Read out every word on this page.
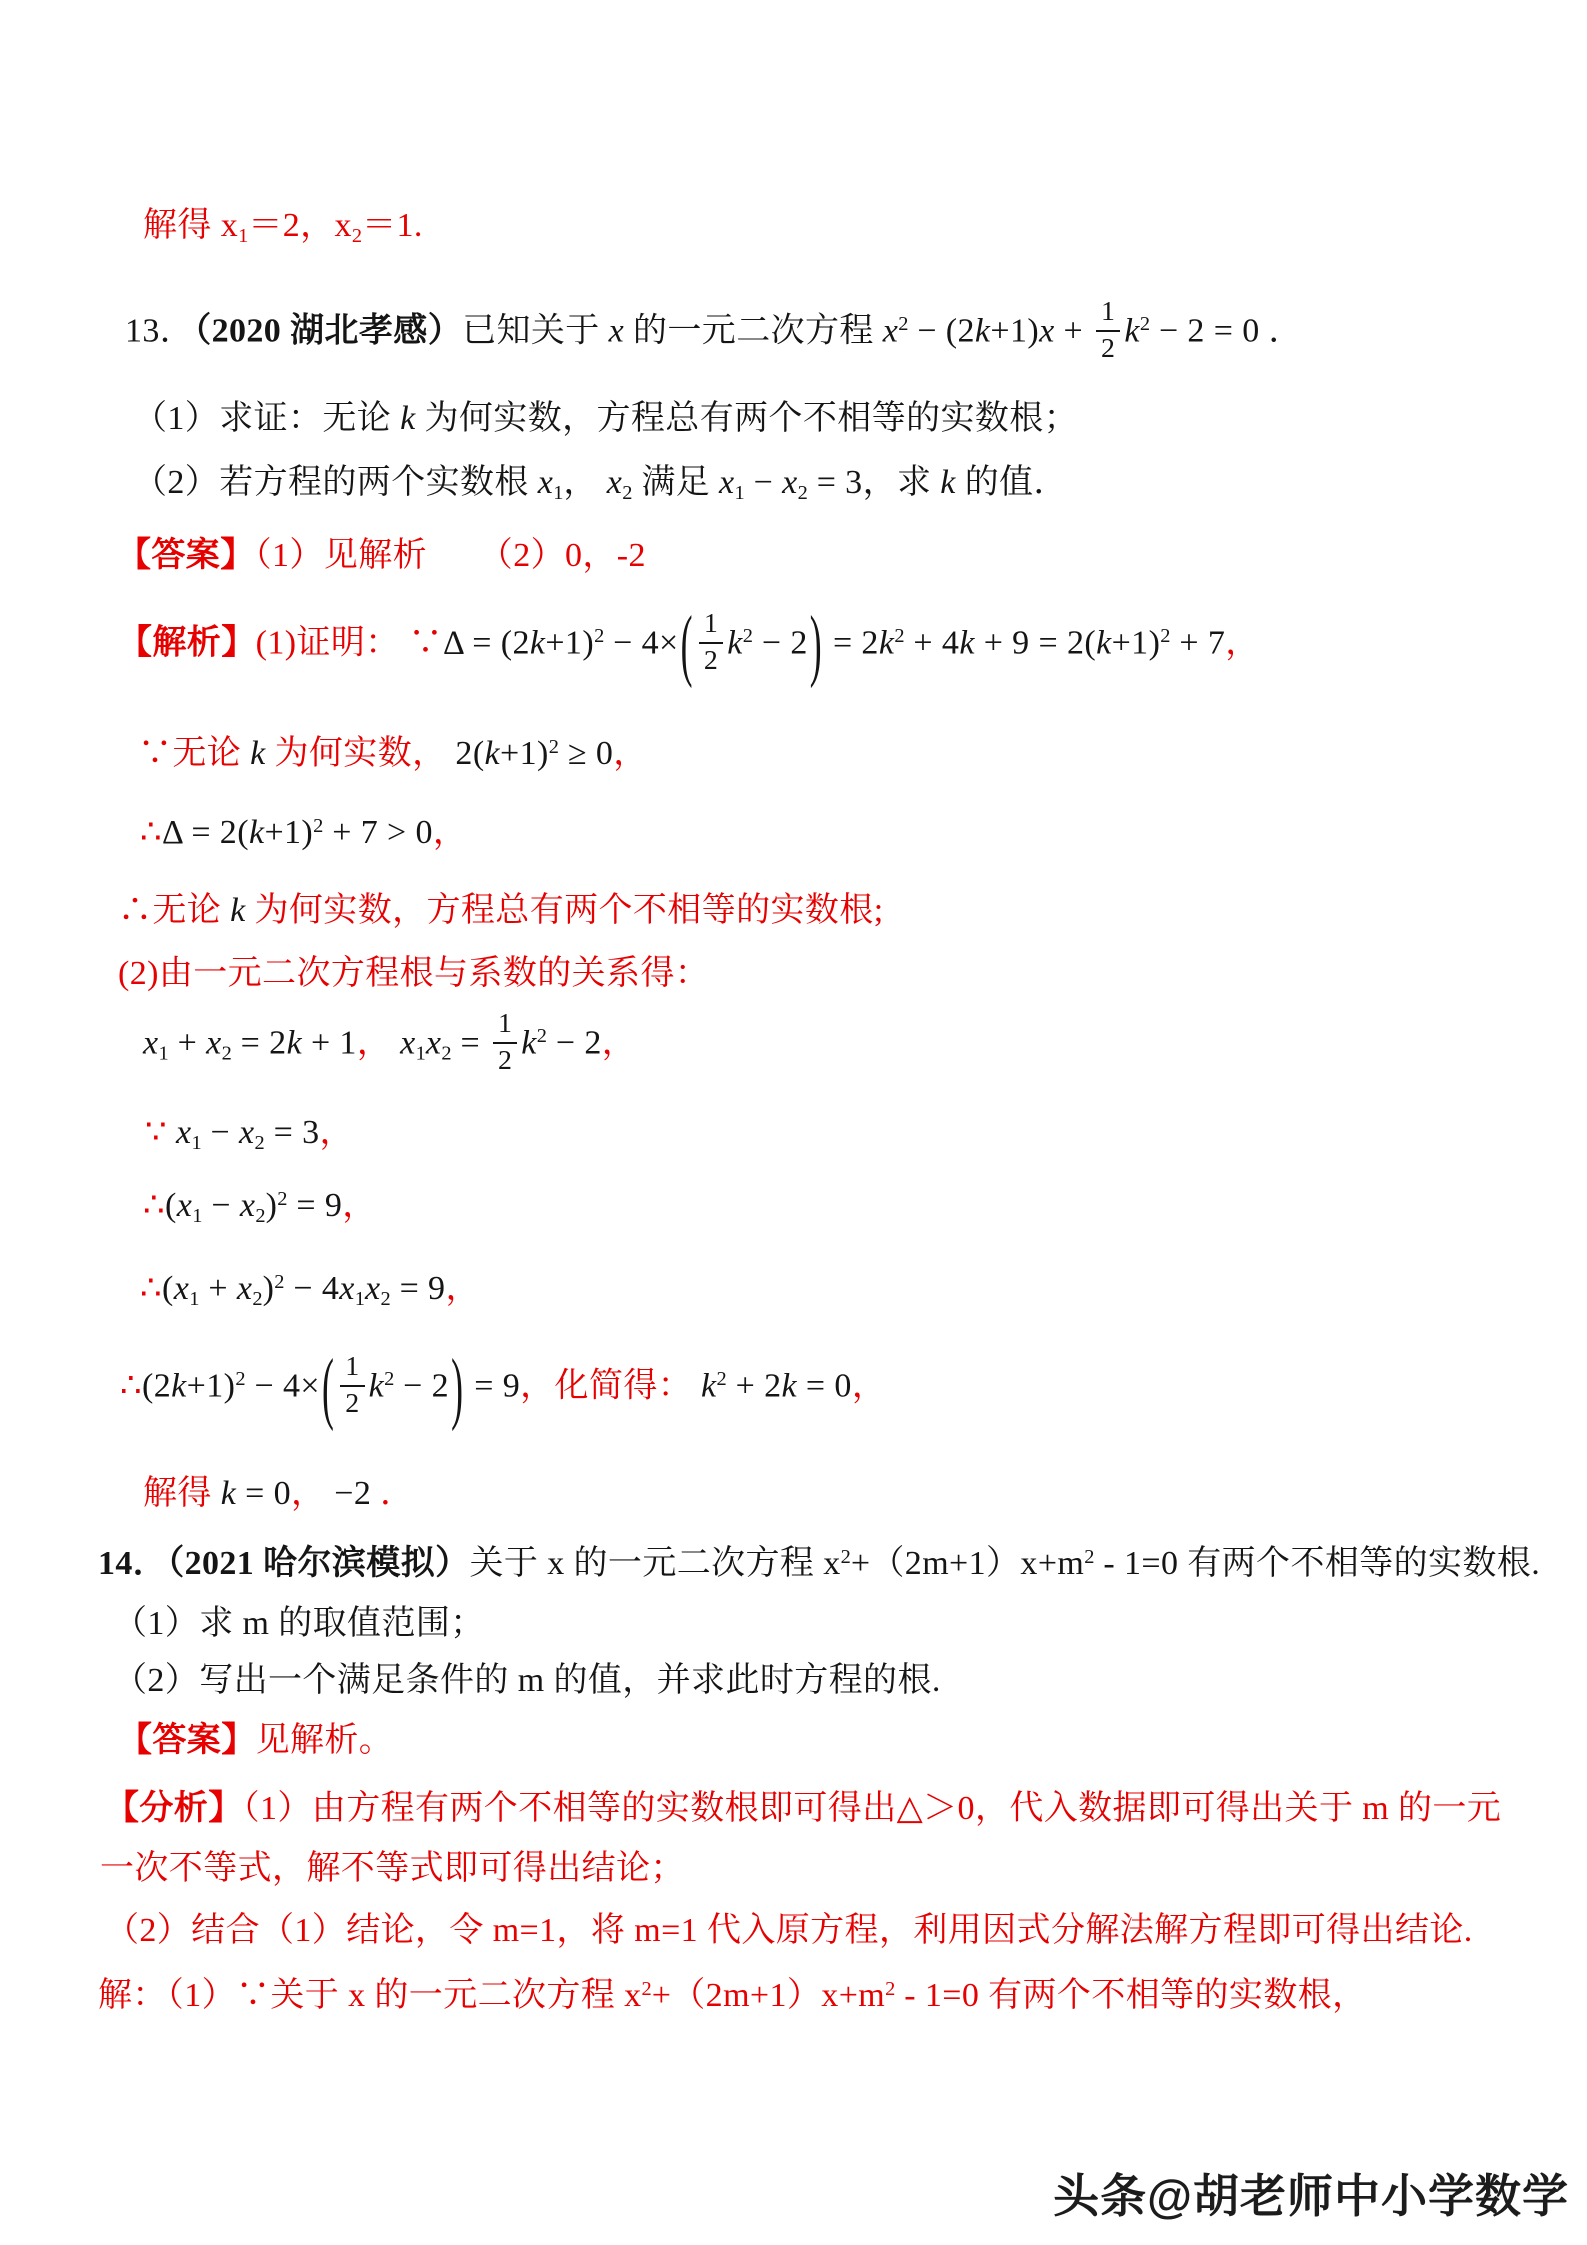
解得 $x_1=2$，$x_2=1$.
13．（2020 湖北孝感）已知关于 x 的一元二次方程 $x^2 - (2k+1)x + \frac{1}{2} k^2 - 2 = 0$ ．
（1）求证：无论 k 为何实数，方程总有两个不相等的实数根；
（2）若方程的两个实数根 $x_1$， $x_2$ 满足 $x_1 - x_2 = 3$，求 k 的值．
【答案】（1）见解析　　（2）0，-2
【解析】(1)证明： ∵Δ = $(2k+1)^2 - 4\times( \frac{1}{2} k^2 - 2) = 2k^2 + 4k + 9 = 2(k+1)^2 + 7$，
∵无论 k 为何实数， $2(k+1)^2 \ge 0$，
∴Δ = $2(k+1)^2 + 7 > 0$，
∴无论 k 为何实数，方程总有两个不相等的实数根;
(2)由一元二次方程根与系数的关系得：
$x_1 + x_2 = 2k + 1$， $x_1x_2 = \frac{1}{2} k^2 - 2$，
∵ $x_1 - x_2 = 3$，
$\therefore(x_1 - x_2)^2 = 9$，
$\therefore(x_1 + x_2)^2 - 4x_1x_2 = 9$，
$\therefore(2k+1)^2 - 4\times( \frac{1}{2} k^2 - 2) = 9$，化简得： $k^2 + 2k = 0$，
解得 k = 0， −2 ．
14．（2021 哈尔滨模拟）关于 x 的一元二次方程 $x^2+(2m+1)x+m^2 - 1=0$ 有两个不相等的实数根.
（1）求 m 的取值范围；
（2）写出一个满足条件的 m 的值，并求此时方程的根.
【答案】见解析。
【分析】（1）由方程有两个不相等的实数根即可得出△＞0，代入数据即可得出关于 m 的一元
一次不等式，解不等式即可得出结论；
（2）结合（1）结论，令 m=1，将 m=1 代入原方程，利用因式分解法解方程即可得出结论.
解：（1）∵关于 x 的一元二次方程 $x^2+(2m+1)x+m^2 - 1=0$ 有两个不相等的实数根，
头条@胡老师中小学数学
